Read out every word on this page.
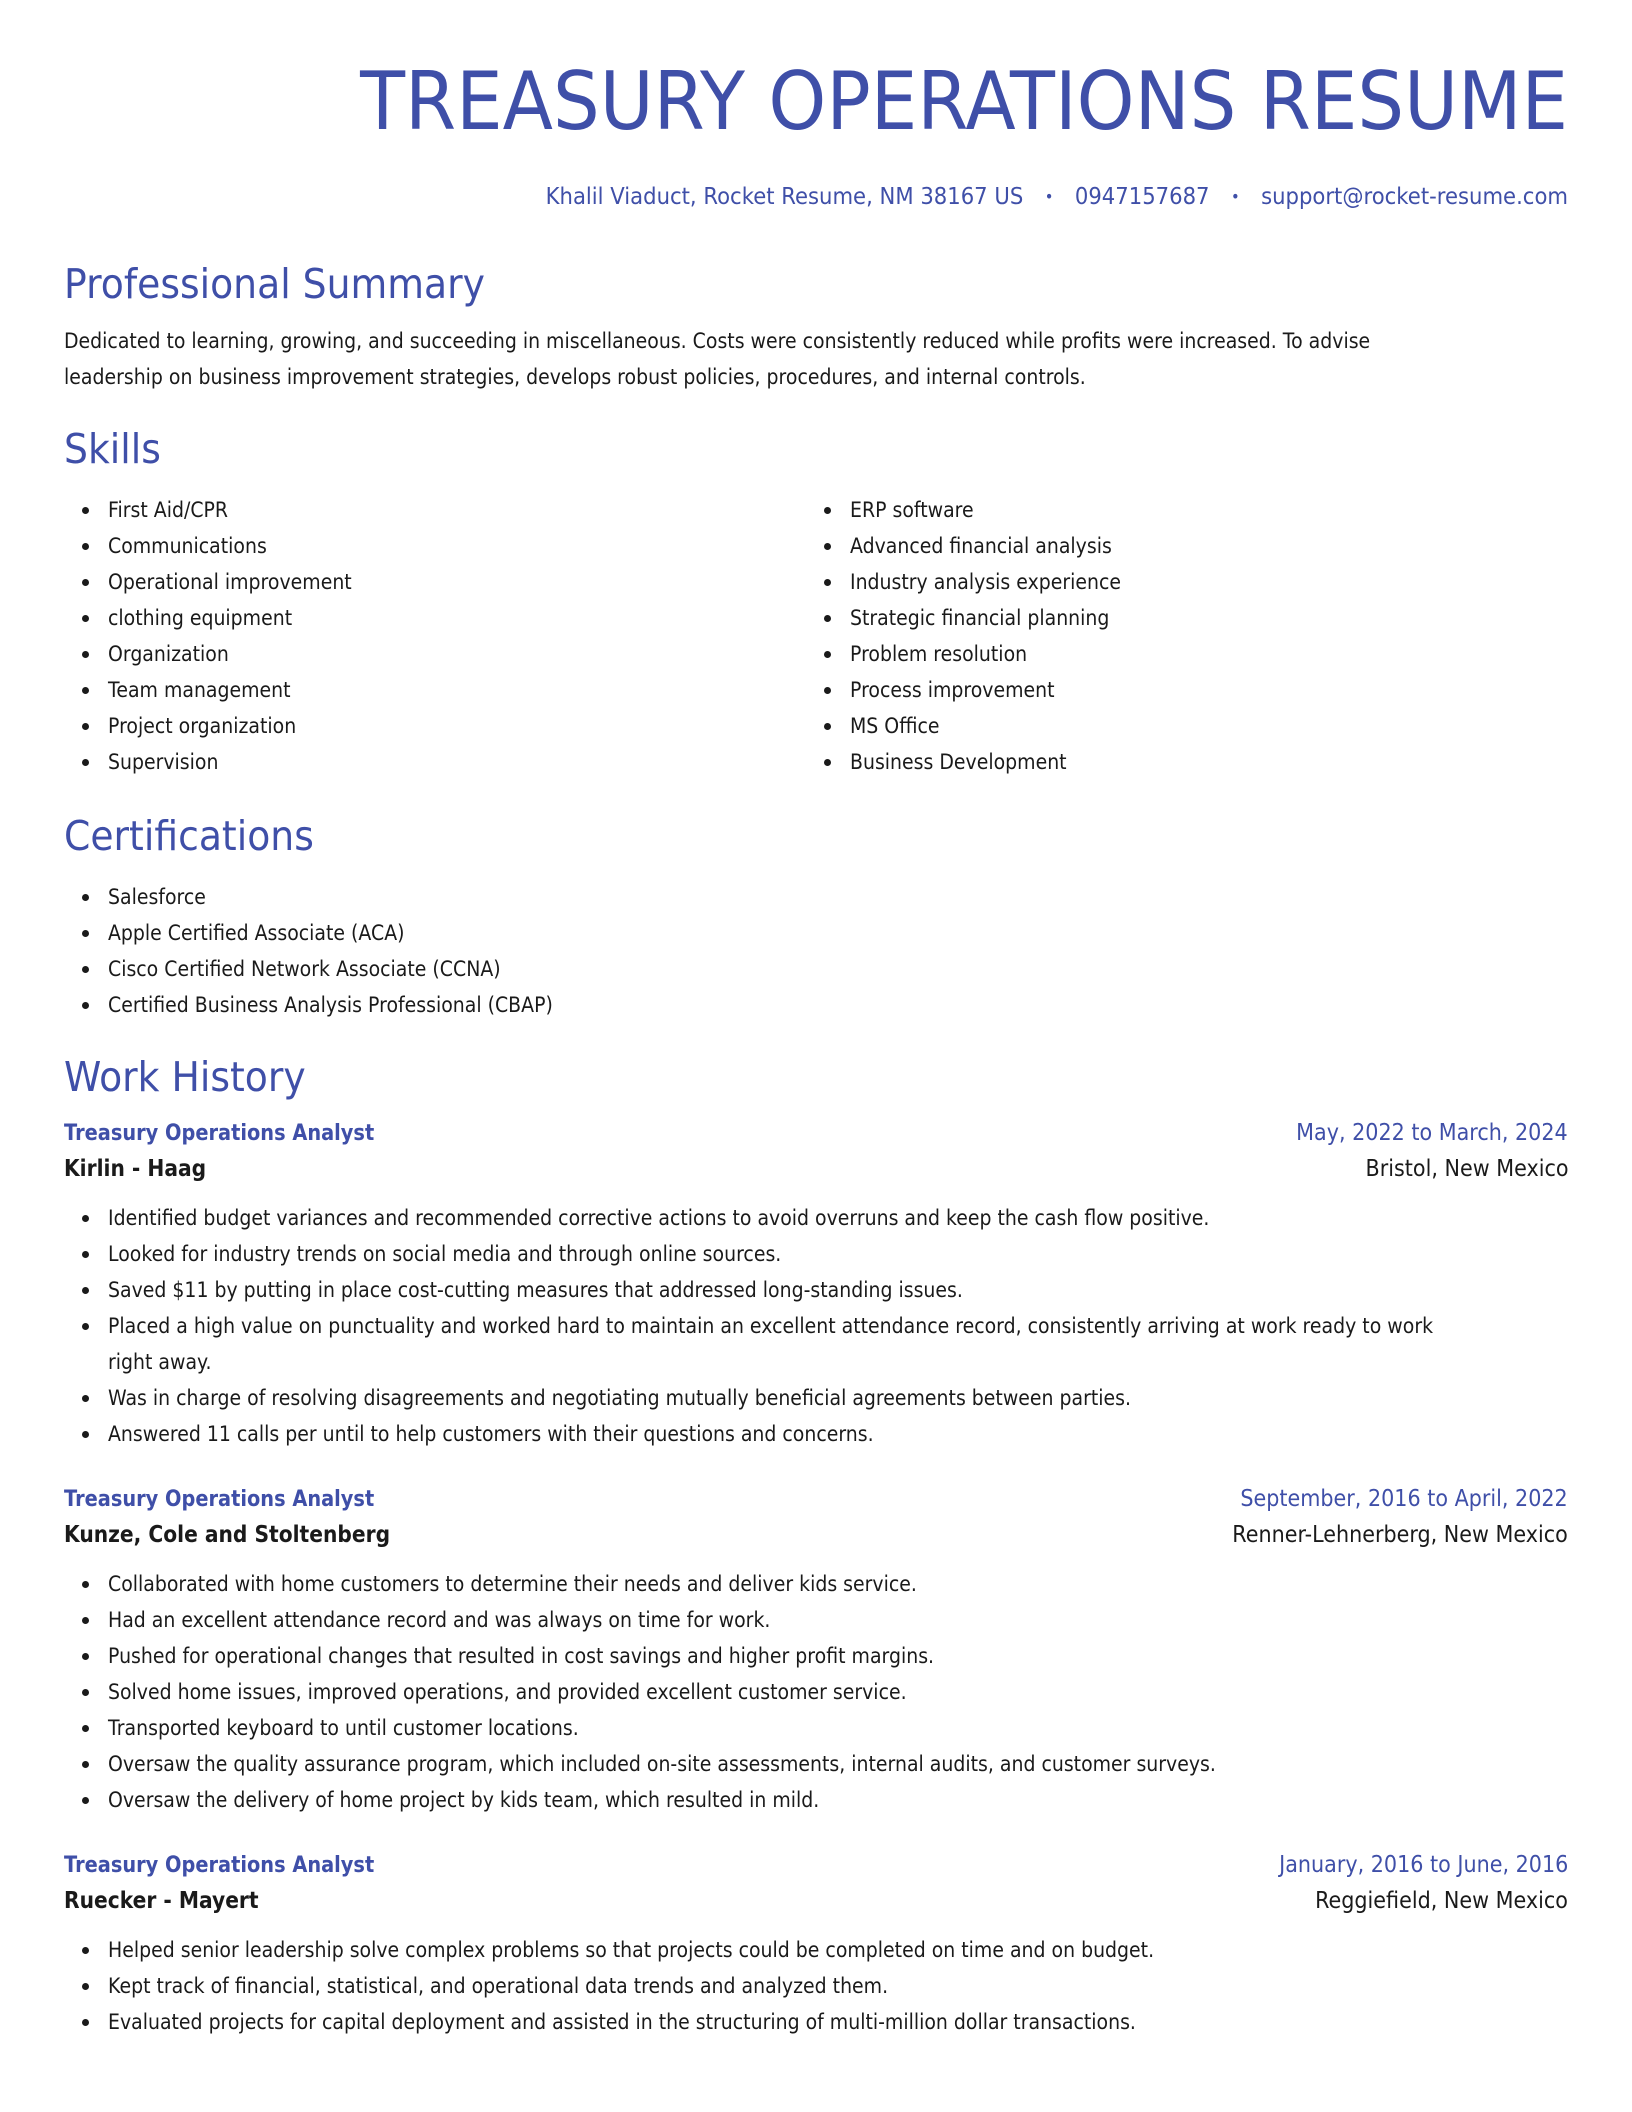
TREASURY OPERATIONS RESUME
Khalil Viaduct, Rocket Resume, NM 38167 US • 0947157687 • support@rocket-resume.com
Professional Summary
Dedicated to learning, growing, and succeeding in miscellaneous. Costs were consistently reduced while profits were increased. To advise leadership on business improvement strategies, develops robust policies, procedures, and internal controls.
Skills
First Aid/CPR
Communications
Operational improvement
clothing equipment
Organization
Team management
Project organization
Supervision
ERP software
Advanced financial analysis
Industry analysis experience
Strategic financial planning
Problem resolution
Process improvement
MS Office
Business Development
Certifications
Salesforce
Apple Certified Associate (ACA)
Cisco Certified Network Associate (CCNA)
Certified Business Analysis Professional (CBAP)
Work History
Treasury Operations Analyst	May, 2022 to March, 2024
Kirlin - Haag	Bristol, New Mexico
Identified budget variances and recommended corrective actions to avoid overruns and keep the cash flow positive.
Looked for industry trends on social media and through online sources.
Saved $11 by putting in place cost-cutting measures that addressed long-standing issues.
Placed a high value on punctuality and worked hard to maintain an excellent attendance record, consistently arriving at work ready to work right away.
Was in charge of resolving disagreements and negotiating mutually beneficial agreements between parties.
Answered 11 calls per until to help customers with their questions and concerns.
Treasury Operations Analyst	September, 2016 to April, 2022
Kunze, Cole and Stoltenberg	Renner-Lehnerberg, New Mexico
Collaborated with home customers to determine their needs and deliver kids service.
Had an excellent attendance record and was always on time for work.
Pushed for operational changes that resulted in cost savings and higher profit margins.
Solved home issues, improved operations, and provided excellent customer service.
Transported keyboard to until customer locations.
Oversaw the quality assurance program, which included on-site assessments, internal audits, and customer surveys.
Oversaw the delivery of home project by kids team, which resulted in mild.
Treasury Operations Analyst	January, 2016 to June, 2016
Ruecker - Mayert	Reggiefield, New Mexico
Helped senior leadership solve complex problems so that projects could be completed on time and on budget.
Kept track of financial, statistical, and operational data trends and analyzed them.
Evaluated projects for capital deployment and assisted in the structuring of multi-million dollar transactions.
